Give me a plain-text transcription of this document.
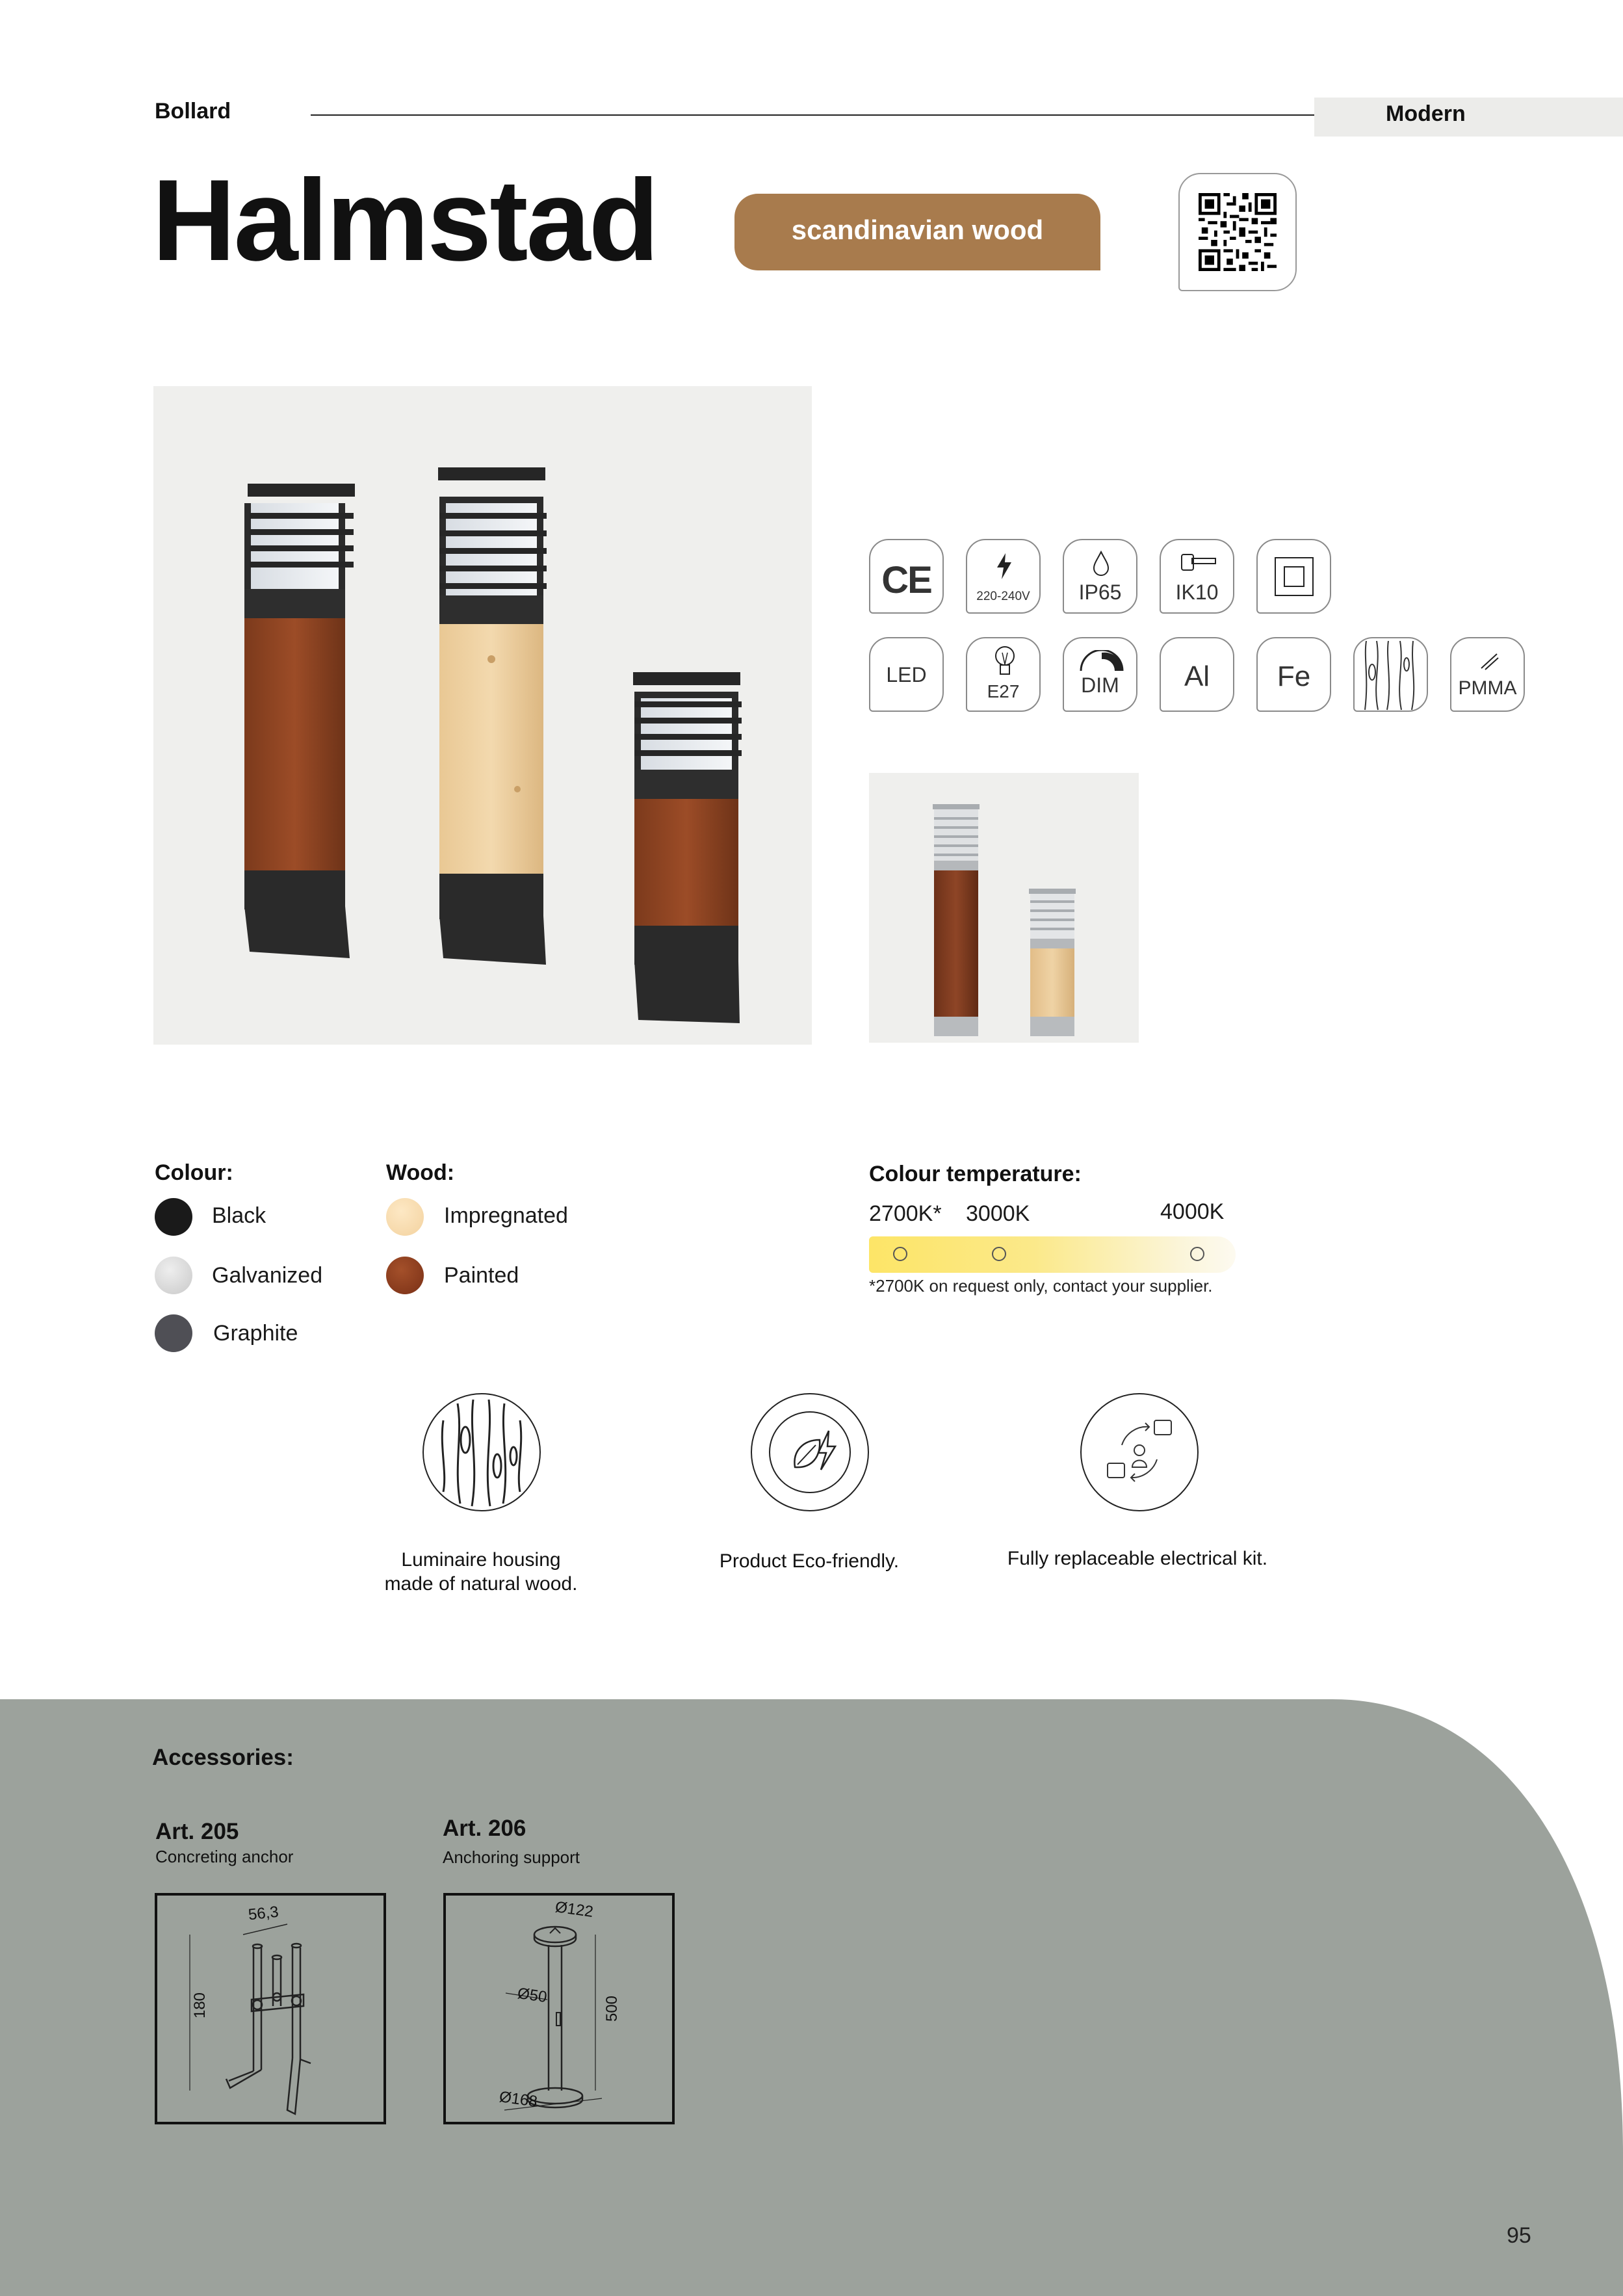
Bollard	Modern
Halmstad	scandinavian wood
CE	220-240V	IP65	IK10
LED
E27	DIM	Al	Fe	PMMA
Colour:
Black
Galvanized
Graphite
Wood:
Impregnated
Painted
Colour temperature:
2700K* 3000K	4000K
*2700K on request only, contact your supplier.
Luminaire housing
made of natural wood.
Product Eco-friendly.	Fully replaceable electrical kit.
Accessories:
Art. 205
Concreting anchor
56,3
180
Art. 206
Anchoring support
Ø122
Ø50
500
Ø168
95
